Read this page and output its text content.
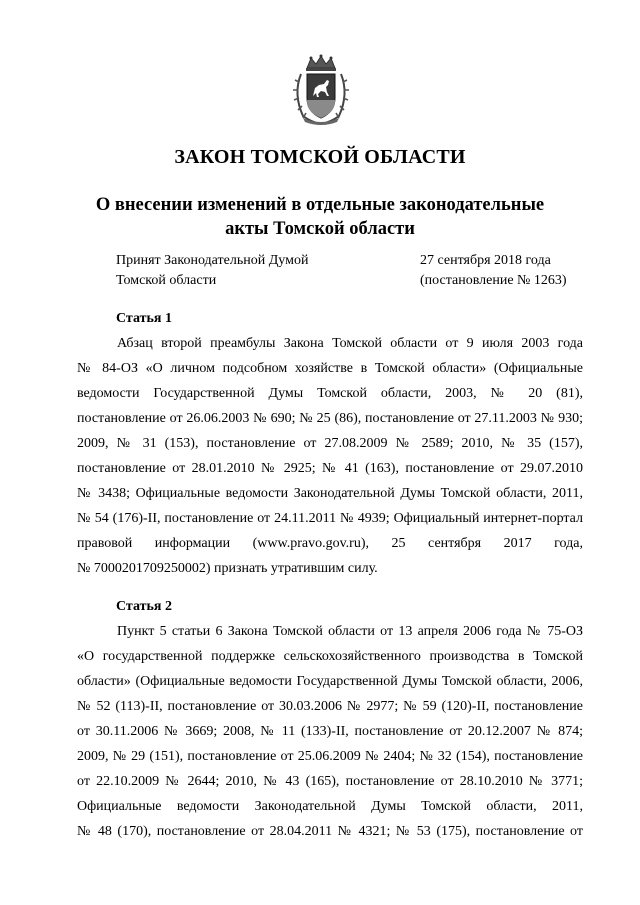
ЗАКОН ТОМСКОЙ ОБЛАСТИ
О внесении изменений в отдельные законодательные
акты Томской области
Принят Законодательной Думой
Томской области
27 сентября 2018 года
(постановление № 1263)
Статья 1
Абзац второй преамбулы Закона Томской области от 9 июля 2003 года
№ 84-ОЗ «О личном подсобном хозяйстве в Томской области» (Официальные
ведомости Государственной Думы Томской области, 2003, № 20 (81),
постановление от 26.06.2003 № 690; № 25 (86), постановление от 27.11.2003 № 930;
2009, № 31 (153), постановление от 27.08.2009 № 2589; 2010, № 35 (157),
постановление от 28.01.2010 № 2925; № 41 (163), постановление от 29.07.2010
№ 3438; Официальные ведомости Законодательной Думы Томской области, 2011,
№ 54 (176)-II, постановление от 24.11.2011 № 4939; Официальный интернет-портал
правовой информации (www.pravo.gov.ru), 25 сентября 2017 года,
№ 7000201709250002) признать утратившим силу.
Статья 2
Пункт 5 статьи 6 Закона Томской области от 13 апреля 2006 года № 75-ОЗ
«О государственной поддержке сельскохозяйственного производства в Томской
области» (Официальные ведомости Государственной Думы Томской области, 2006,
№ 52 (113)-II, постановление от 30.03.2006 № 2977; № 59 (120)-II, постановление
от 30.11.2006 № 3669; 2008, № 11 (133)-II, постановление от 20.12.2007 № 874;
2009, № 29 (151), постановление от 25.06.2009 № 2404; № 32 (154), постановление
от 22.10.2009 № 2644; 2010, № 43 (165), постановление от 28.10.2010 № 3771;
Официальные ведомости Законодательной Думы Томской области, 2011,
№ 48 (170), постановление от 28.04.2011 № 4321; № 53 (175), постановление от
